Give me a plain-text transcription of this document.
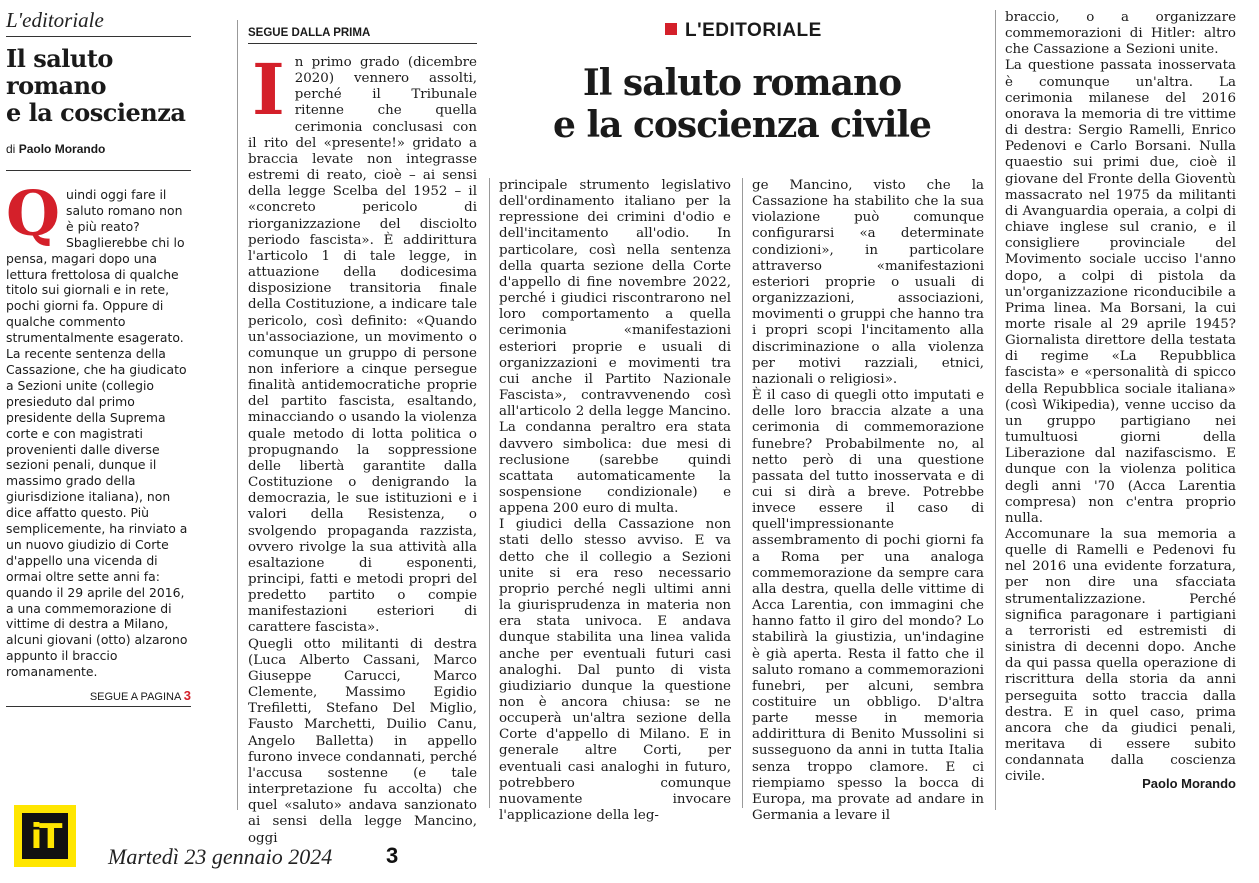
L'editoriale
Il saluto
romano
e la coscienza
di Paolo Morando
Q uindi oggi fare il saluto romano non è più reato?

Sbaglierebbe chi lo pensa, magari dopo una lettura frettolosa di qualche titolo sui giornali e in rete, pochi giorni fa. Oppure di qualche commento strumentalmente esagerato. La recente sentenza della Cassazione, che ha giudicato a Sezioni unite (collegio presieduto dal primo presidente della Suprema corte e con magistrati provenienti dalle diverse sezioni penali, dunque il massimo grado della giurisdizione italiana), non dice affatto questo. Più semplicemente, ha rinviato a un nuovo giudizio di Corte d'appello una vicenda di ormai oltre sette anni fa: quando il 29 aprile del 2016, a una commemorazione di vittime di destra a Milano, alcuni giovani (otto) alzarono appunto il braccio romanamente.

SEGUE A PAGINA 3
iT	Martedì 23 gennaio 2024 3
SEGUE DALLA PRIMA	L'EDITORIALE
Il saluto romano
e la coscienza civile
I n primo grado (dicembre 2020) vennero assolti, perché il Tribunale ritenne che quella cerimonia conclusasi con il rito del «presente!» gridato a braccia levate non integrasse estremi di reato, cioè – ai sensi della legge Scelba del 1952 – il «concreto pericolo di riorganizzazione del disciolto periodo fascista». È addirittura l'articolo 1 di tale legge, in attuazione della dodicesima disposizione transitoria finale della Costituzione, a indicare tale pericolo, così definito: «Quando un'associazione, un movimento o comunque un gruppo di persone non inferiore a cinque persegue finalità antidemocratiche proprie del partito fascista, esaltando, minacciando o usando la violenza quale metodo di lotta politica o propugnando la soppressione delle libertà garantite dalla Costituzione o denigrando la democrazia, le sue istituzioni e i valori della Resistenza, o svolgendo propaganda razzista, ovvero rivolge la sua attività alla esaltazione di esponenti, principi, fatti e metodi propri del predetto partito o compie manifestazioni esteriori di carattere fascista».

Quegli otto militanti di destra (Luca Alberto Cassani, Marco Giuseppe Carucci, Marco Clemente, Massimo Egidio Trefiletti, Stefano Del Miglio, Fausto Marchetti, Duilio Canu, Angelo Balletta) in appello furono invece condannati, perché l'accusa sostenne (e tale interpretazione fu accolta) che quel «saluto» andava sanzionato ai sensi della legge Mancino, oggi

principale strumento legislativo dell'ordinamento italiano per la repressione dei crimini d'odio e dell'incitamento all'odio. In particolare, così nella sentenza della quarta sezione della Corte d'appello di fine novembre 2022, perché i giudici riscontrarono nel loro comportamento a quella cerimonia «manifestazioni esteriori proprie e usuali di organizzazioni e movimenti tra cui anche il Partito Nazionale Fascista», contravvenendo così all'articolo 2 della legge Mancino. La condanna peraltro era stata davvero simbolica: due mesi di reclusione (sarebbe quindi scattata automaticamente la sospensione condizionale) e appena 200 euro di multa.

I giudici della Cassazione non stati dello stesso avviso. E va detto che il collegio a Sezioni unite si era reso necessario proprio perché negli ultimi anni la giurisprudenza in materia non era stata univoca. E andava dunque stabilita una linea valida anche per eventuali futuri casi analoghi. Dal punto di vista giudiziario dunque la questione non è ancora chiusa: se ne occuperà un'altra sezione della Corte d'appello di Milano. E in generale altre Corti, per eventuali casi analoghi in futuro, potrebbero comunque nuovamente invocare l'applicazione della leg-

ge Mancino, visto che la Cassazione ha stabilito che la sua violazione può comunque configurarsi «a determinate condizioni», in particolare attraverso «manifestazioni esteriori proprie o usuali di organizzazioni, associazioni, movimenti o gruppi che hanno tra i propri scopi l'incitamento alla discriminazione o alla violenza per motivi razziali, etnici, nazionali o religiosi».

È il caso di quegli otto imputati e delle loro braccia alzate a una cerimonia di commemorazione funebre? Probabilmente no, al netto però di una questione passata del tutto inosservata e di cui si dirà a breve. Potrebbe invece essere il caso di quell'impressionante assembramento di pochi giorni fa a Roma per una analoga commemorazione da sempre cara alla destra, quella delle vittime di Acca Larentia, con immagini che hanno fatto il giro del mondo? Lo stabilirà la giustizia, un'indagine è già aperta. Resta il fatto che il saluto romano a commemorazioni funebri, per alcuni, sembra costituire un obbligo. D'altra parte messe in memoria addirittura di Benito Mussolini si susseguono da anni in tutta Italia senza troppo clamore. E ci riempiamo spesso la bocca di Europa, ma provate ad andare in Germania a levare il

braccio, o a organizzare commemorazioni di Hitler: altro che Cassazione a Sezioni unite.

La questione passata inosservata è comunque un'altra. La cerimonia milanese del 2016 onorava la memoria di tre vittime di destra: Sergio Ramelli, Enrico Pedenovi e Carlo Borsani. Nulla quaestio sui primi due, cioè il giovane del Fronte della Gioventù massacrato nel 1975 da militanti di Avanguardia operaia, a colpi di chiave inglese sul cranio, e il consigliere provinciale del Movimento sociale ucciso l'anno dopo, a colpi di pistola da un'organizzazione riconducibile a Prima linea. Ma Borsani, la cui morte risale al 29 aprile 1945? Giornalista direttore della testata di regime «La Repubblica fascista» e «personalità di spicco della Repubblica sociale italiana» (così Wikipedia), venne ucciso da un gruppo partigiano nei tumultuosi giorni della Liberazione dal nazifascismo. E dunque con la violenza politica degli anni '70 (Acca Larentia compresa) non c'entra proprio nulla.

Accomunare la sua memoria a quelle di Ramelli e Pedenovi fu nel 2016 una evidente forzatura, per non dire una sfacciata strumentalizzazione. Perché significa paragonare i partigiani a terroristi ed estremisti di sinistra di decenni dopo. Anche da qui passa quella operazione di riscrittura della storia da anni perseguita sotto traccia dalla destra. E in quel caso, prima ancora che da giudici penali, meritava di essere subito condannata dalla coscienza civile.	Paolo Morando
